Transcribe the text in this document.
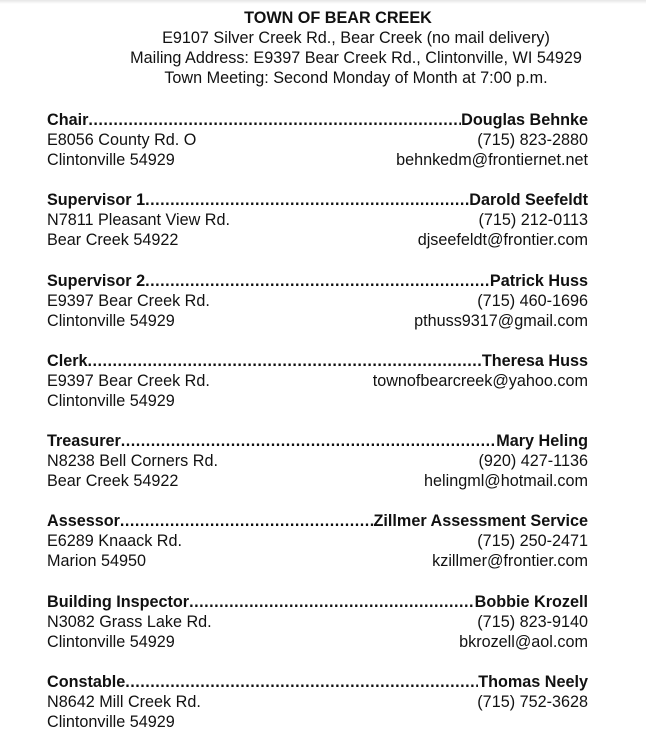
TOWN OF BEAR CREEK
E9107 Silver Creek Rd., Bear Creek (no mail delivery)
Mailing Address: E9397 Bear Creek Rd., Clintonville, WI 54929
Town Meeting: Second Monday of Month at 7:00 p.m.
Chair .....	Douglas Behnke
E8056 County Rd. O	(715) 823-2880
Clintonville 54929	behnkedm@frontiernet.net
Supervisor 1 .....	Darold Seefeldt
N7811 Pleasant View Rd.	(715) 212-0113
Bear Creek 54922	djseefeldt@frontier.com
Supervisor 2 .....	Patrick Huss
E9397 Bear Creek Rd.	(715) 460-1696
Clintonville 54929	pthuss9317@gmail.com
Clerk .....	Theresa Huss
E9397 Bear Creek Rd.	townofbearcreek@yahoo.com
Clintonville 54929
Treasurer .....	Mary Heling
N8238 Bell Corners Rd.	(920) 427-1136
Bear Creek 54922	helingml@hotmail.com
Assessor .....	Zillmer Assessment Service
E6289 Knaack Rd.	(715) 250-2471
Marion 54950	kzillmer@frontier.com
Building Inspector .....	Bobbie Krozell
N3082 Grass Lake Rd.	(715) 823-9140
Clintonville 54929	bkrozell@aol.com
Constable .....	Thomas Neely
N8642 Mill Creek Rd.	(715) 752-3628
Clintonville 54929
